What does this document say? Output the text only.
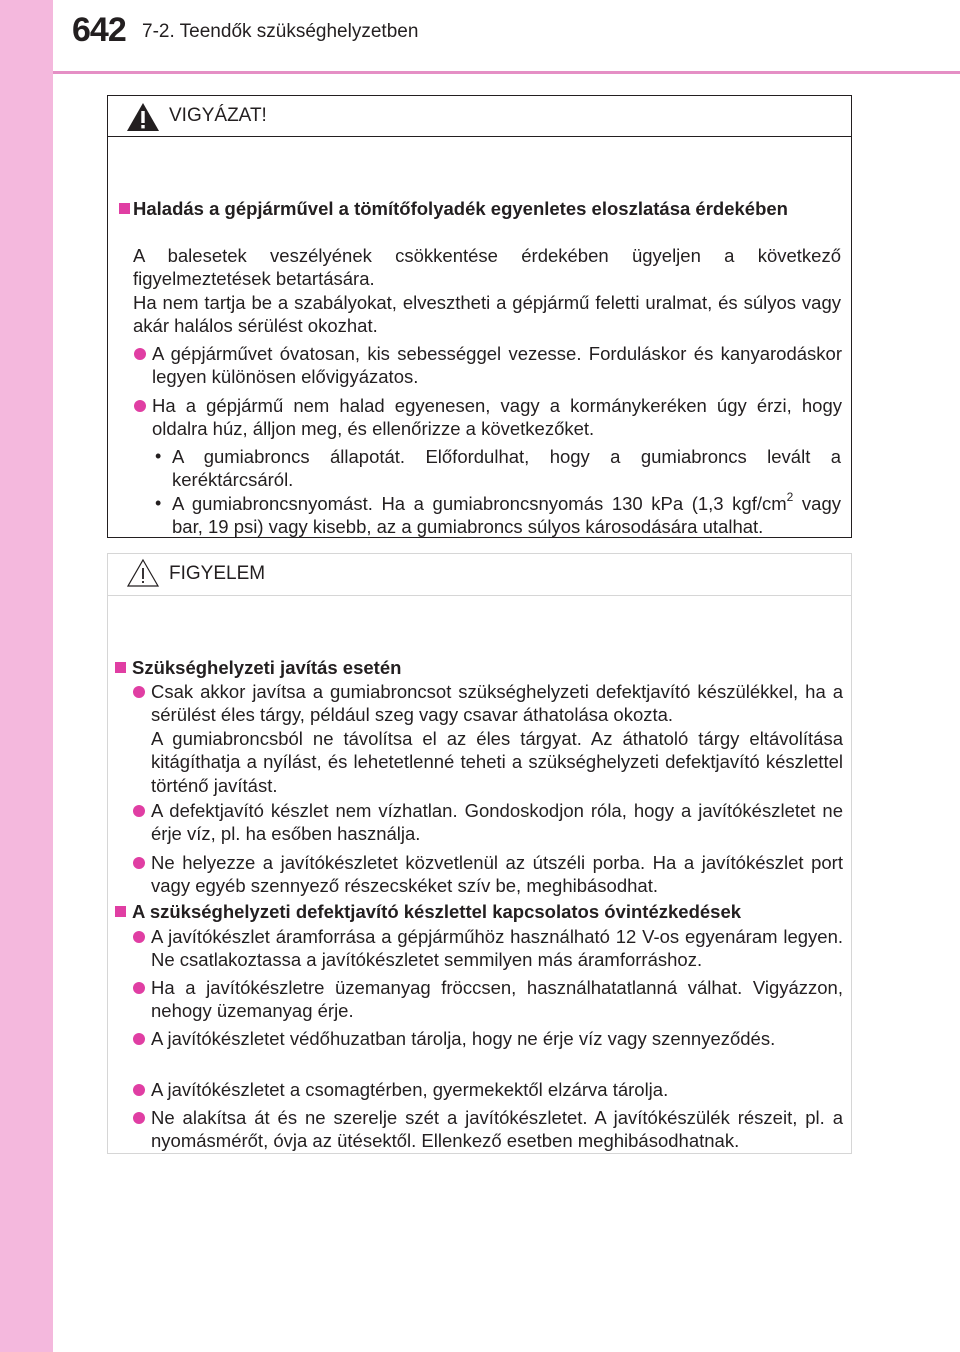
642 7-2. Teendők szükséghelyzetben
VIGYÁZAT!
Haladás a gépjárművel a tömítőfolyadék egyenletes eloszlatása érdekében
A balesetek veszélyének csökkentése érdekében ügyeljen a következő figyelmeztetések betartására.
Ha nem tartja be a szabályokat, elvesztheti a gépjármű feletti uralmat, és súlyos vagy akár halálos sérülést okozhat.
A gépjárművet óvatosan, kis sebességgel vezesse. Forduláskor és kanyarodáskor legyen különösen elővigyázatos.
Ha a gépjármű nem halad egyenesen, vagy a kormánykeréken úgy érzi, hogy oldalra húz, álljon meg, és ellenőrizze a következőket.
• A gumiabroncs állapotát. Előfordulhat, hogy a gumiabroncs levált a keréktárcsáról.
• A gumiabroncsnyomást. Ha a gumiabroncsnyomás 130 kPa (1,3 kgf/$cm^2$ vagy bar, 19 psi) vagy kisebb, az a gumiabroncs súlyos károsodására utalhat.
FIGYELEM
Szükséghelyzeti javítás esetén
Csak akkor javítsa a gumiabroncsot szükséghelyzeti defektjavító készülékkel, ha a sérülést éles tárgy, például szeg vagy csavar áthatolása okozta.
A gumiabroncsból ne távolítsa el az éles tárgyat. Az áthatoló tárgy eltávolítása kitágíthatja a nyílást, és lehetetlenné teheti a szükséghelyzeti defektjavító készlettel történő javítást.
A defektjavító készlet nem vízhatlan. Gondoskodjon róla, hogy a javítókészletet ne érje víz, pl. ha esőben használja.
Ne helyezze a javítókészletet közvetlenül az útszéli porba. Ha a javítókészlet port vagy egyéb szennyező részecskéket szív be, meghibásodhat.
A szükséghelyzeti defektjavító készlettel kapcsolatos óvintézkedések
A javítókészlet áramforrása a gépjárműhöz használható 12 V-os egyenáram legyen. Ne csatlakoztassa a javítókészletet semmilyen más áramforráshoz.
Ha a javítókészletre üzemanyag fröccsen, használhatatlanná válhat. Vigyázzon, nehogy üzemanyag érje.
A javítókészletet védőhuzatban tárolja, hogy ne érje víz vagy szennyeződés.
A javítókészletet a csomagtérben, gyermekektől elzárva tárolja.
Ne alakítsa át és ne szerelje szét a javítókészletet. A javítókészülék részeit, pl. a nyomásmérőt, óvja az ütésektől. Ellenkező esetben meghibásodhatnak.
